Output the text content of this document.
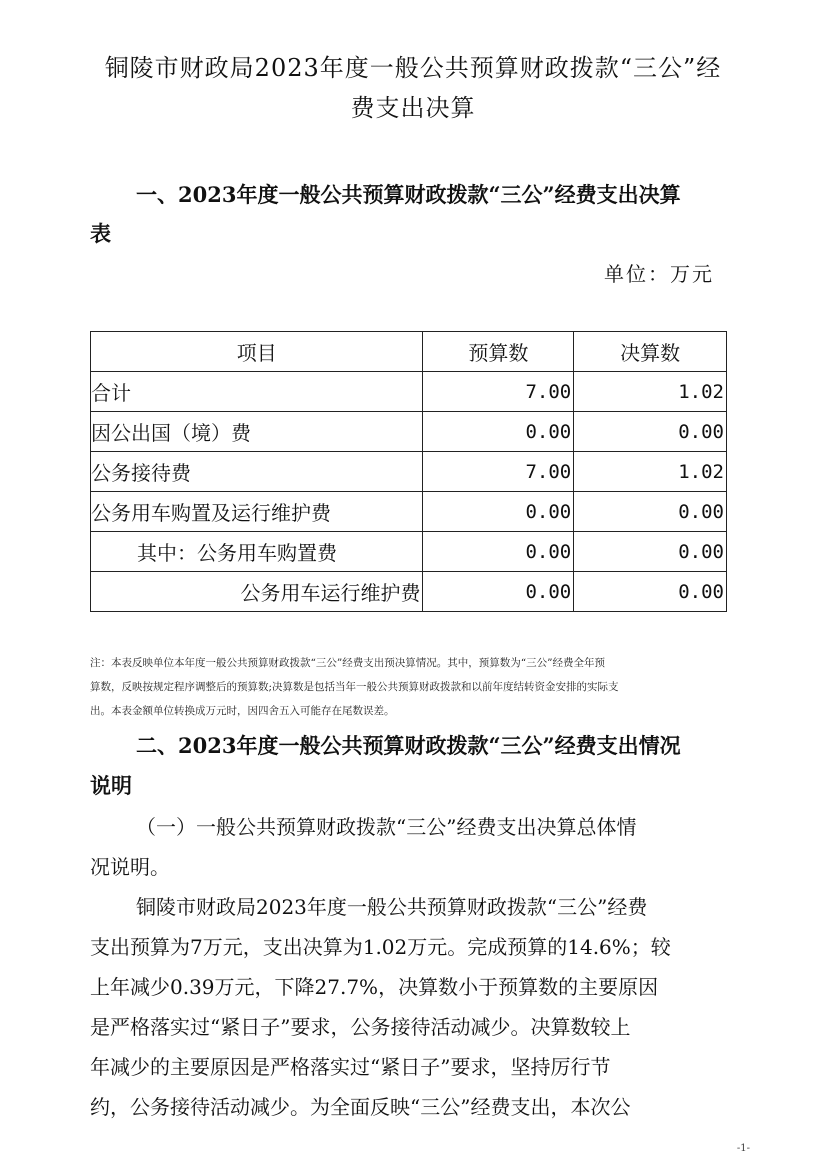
铜陵市财政局2023年度一般公共预算财政拨款“三公”经
费支出决算
一、2023年度一般公共预算财政拨款“三公”经费支出决算
表
单位：万元
项目	预算数	决算数
合计	7.00	1.02
因公出国（境）费	0.00	0.00
公务接待费	7.00	1.02
公务用车购置及运行维护费	0.00	0.00
其中：公务用车购置费	0.00	0.00
公务用车运行维护费	0.00	0.00
注：本表反映单位本年度一般公共预算财政拨款“三公”经费支出预决算情况。其中，预算数为“三公”经费全年预
算数，反映按规定程序调整后的预算数;决算数是包括当年一般公共预算财政拨款和以前年度结转资金安排的实际支
出。本表金额单位转换成万元时，因四舍五入可能存在尾数误差。
二、2023年度一般公共预算财政拨款“三公”经费支出情况
说明
（一）一般公共预算财政拨款“三公”经费支出决算总体情
况说明。
铜陵市财政局2023年度一般公共预算财政拨款“三公”经费
支出预算为7万元，支出决算为1.02万元。完成预算的14.6%；较
上年减少0.39万元，下降27.7%，决算数小于预算数的主要原因
是严格落实过“紧日子”要求，公务接待活动减少。决算数较上
年减少的主要原因是严格落实过“紧日子”要求，坚持厉行节
约，公务接待活动减少。为全面反映“三公”经费支出，本次公
-1-
